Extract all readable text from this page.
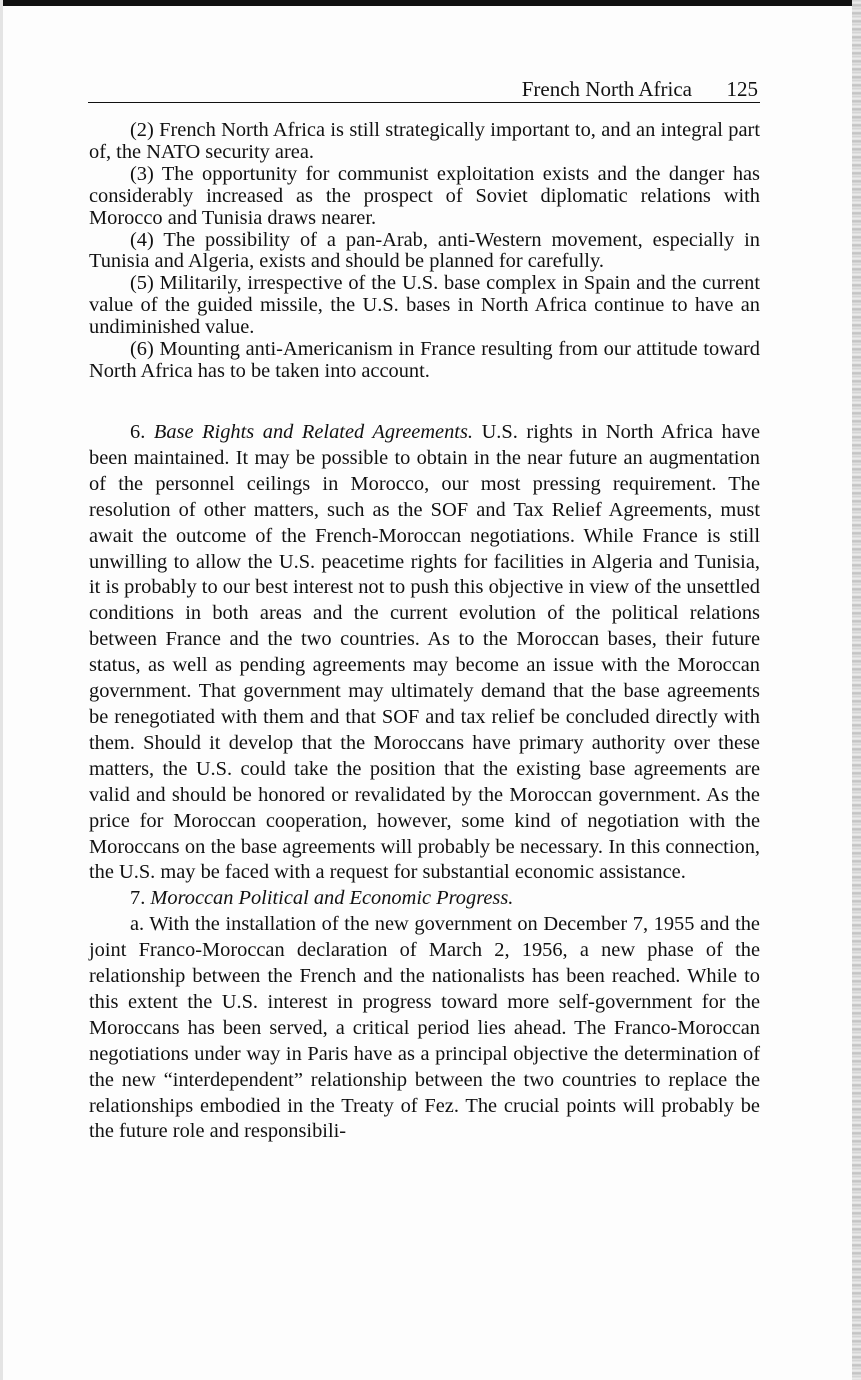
French North Africa 125

(2) French North Africa is still strategically important to, and an integral part of, the NATO security area.

(3) The opportunity for communist exploitation exists and the danger has considerably increased as the prospect of Soviet diplomatic relations with Morocco and Tunisia draws nearer.

(4) The possibility of a pan-Arab, anti-Western movement, especially in Tunisia and Algeria, exists and should be planned for carefully.

(5) Militarily, irrespective of the U.S. base complex in Spain and the current value of the guided missile, the U.S. bases in North Africa continue to have an undiminished value.

(6) Mounting anti-Americanism in France resulting from our attitude toward North Africa has to be taken into account.

6. Base Rights and Related Agreements. U.S. rights in North Africa have been maintained. It may be possible to obtain in the near future an augmentation of the personnel ceilings in Morocco, our most pressing requirement. The resolution of other matters, such as the SOF and Tax Relief Agreements, must await the outcome of the French-Moroccan negotiations. While France is still unwilling to allow the U.S. peacetime rights for facilities in Algeria and Tunisia, it is probably to our best interest not to push this objective in view of the unsettled conditions in both areas and the current evolution of the political relations between France and the two countries. As to the Moroccan bases, their future status, as well as pending agreements may become an issue with the Moroccan government. That government may ultimately demand that the base agreements be renegotiated with them and that SOF and tax relief be concluded directly with them. Should it develop that the Moroccans have primary authority over these matters, the U.S. could take the position that the existing base agreements are valid and should be honored or revalidated by the Moroccan government. As the price for Moroccan cooperation, however, some kind of negotiation with the Moroccans on the base agreements will probably be necessary. In this connection, the U.S. may be faced with a request for substantial economic assistance.

7. Moroccan Political and Economic Progress.

a. With the installation of the new government on December 7, 1955 and the joint Franco-Moroccan declaration of March 2, 1956, a new phase of the relationship between the French and the nationalists has been reached. While to this extent the U.S. interest in progress toward more self-government for the Moroccans has been served, a critical period lies ahead. The Franco-Moroccan negotiations under way in Paris have as a principal objective the determination of the new “interdependent” relationship between the two countries to replace the relationships embodied in the Treaty of Fez. The crucial points will probably be the future role and responsibili-
